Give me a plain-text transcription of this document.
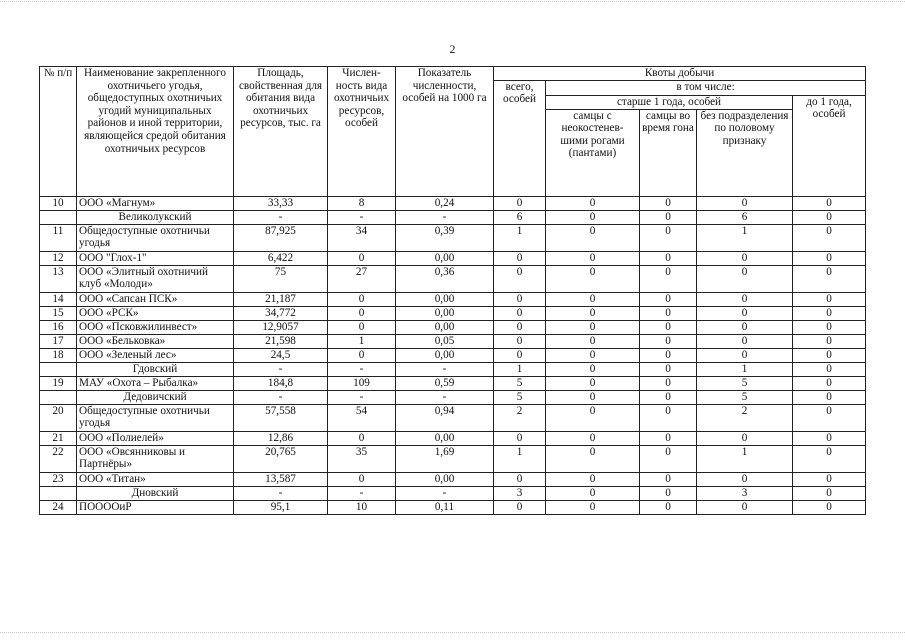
2
№ п/п	Наименование закрепленного охотничьего угодья, общедоступных охотничьих угодий муниципальных районов и иной территории, являющейся средой обитания охотничьих ресурсов	Площадь, свойственная для обитания вида охотничьих ресурсов, тыс. га	Числен-ность вида охотничьих ресурсов, особей	Показатель численности, особей на 1000 га	Квоты добычи				
					всего, особей	в том числе:			
						старше 1 года, особей			до 1 года, особей
						самцы с неокостенев-шими рогами (пантами)	самцы во время гона	без подразделения по половому признаку	
10	ООО «Магнум»	33,33	8	0,24	0	0	0	0	0
	Великолукский	-	-	-	6	0	0	6	0
11	Общедоступные охотничьи угодья	87,925	34	0,39	1	0	0	1	0
12	ООО "Глох-1"	6,422	0	0,00	0	0	0	0	0
13	ООО «Элитный охотничий клуб «Молоди»	75	27	0,36	0	0	0	0	0
14	ООО «Сапсан ПСК»	21,187	0	0,00	0	0	0	0	0
15	ООО «РСК»	34,772	0	0,00	0	0	0	0	0
16	ООО «Псковжилинвест»	12,9057	0	0,00	0	0	0	0	0
17	ООО «Бельковка»	21,598	1	0,05	0	0	0	0	0
18	ООО «Зеленый лес»	24,5	0	0,00	0	0	0	0	0
	Гдовский	-	-	-	1	0	0	1	0
19	МАУ «Охота – Рыбалка»	184,8	109	0,59	5	0	0	5	0
	Дедовичский	-	-	-	5	0	0	5	0
20	Общедоступные охотничьи угодья	57,558	54	0,94	2	0	0	2	0
21	ООО «Полиелей»	12,86	0	0,00	0	0	0	0	0
22	ООО «Овсянниковы и Партнёры»	20,765	35	1,69	1	0	0	1	0
23	ООО «Титан»	13,587	0	0,00	0	0	0	0	0
	Дновский	-	-	-	3	0	0	3	0
24	ПООООиР	95,1	10	0,11	0	0	0	0	0
